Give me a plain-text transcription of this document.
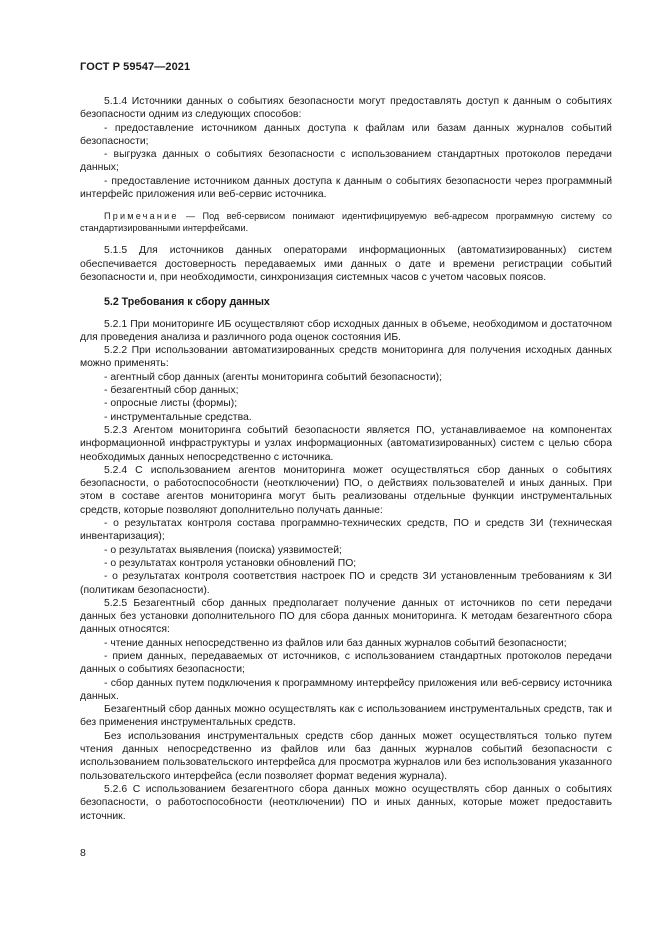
ГОСТ Р 59547—2021

5.1.4 Источники данных о событиях безопасности могут предоставлять доступ к данным о событиях безопасности одним из следующих способов:

- предоставление источником данных доступа к файлам или базам данных журналов событий безопасности;

- выгрузка данных о событиях безопасности с использованием стандартных протоколов передачи данных;

- предоставление источником данных доступа к данным о событиях безопасности через программный интерфейс приложения или веб-сервис источника.

Примечание — Под веб-сервисом понимают идентифицируемую веб-адресом программную систему со стандартизированными интерфейсами.

5.1.5 Для источников данных операторами информационных (автоматизированных) систем обеспечивается достоверность передаваемых ими данных о дате и времени регистрации событий безопасности и, при необходимости, синхронизация системных часов с учетом часовых поясов.

5.2 Требования к сбору данных

5.2.1 При мониторинге ИБ осуществляют сбор исходных данных в объеме, необходимом и достаточном для проведения анализа и различного рода оценок состояния ИБ.

5.2.2 При использовании автоматизированных средств мониторинга для получения исходных данных можно применять:

- агентный сбор данных (агенты мониторинга событий безопасности);

- безагентный сбор данных;

- опросные листы (формы);

- инструментальные средства.

5.2.3 Агентом мониторинга событий безопасности является ПО, устанавливаемое на компонентах информационной инфраструктуры и узлах информационных (автоматизированных) систем с целью сбора необходимых данных непосредственно с источника.

5.2.4 С использованием агентов мониторинга может осуществляться сбор данных о событиях безопасности, о работоспособности (неотключении) ПО, о действиях пользователей и иных данных. При этом в составе агентов мониторинга могут быть реализованы отдельные функции инструментальных средств, которые позволяют дополнительно получать данные:

- о результатах контроля состава программно-технических средств, ПО и средств ЗИ (техническая инвентаризация);

- о результатах выявления (поиска) уязвимостей;

- о результатах контроля установки обновлений ПО;

- о результатах контроля соответствия настроек ПО и средств ЗИ установленным требованиям к ЗИ (политикам безопасности).

5.2.5 Безагентный сбор данных предполагает получение данных от источников по сети передачи данных без установки дополнительного ПО для сбора данных мониторинга. К методам безагентного сбора данных относятся:

- чтение данных непосредственно из файлов или баз данных журналов событий безопасности;

- прием данных, передаваемых от источников, с использованием стандартных протоколов передачи данных о событиях безопасности;

- сбор данных путем подключения к программному интерфейсу приложения или веб-сервису источника данных.

Безагентный сбор данных можно осуществлять как с использованием инструментальных средств, так и без применения инструментальных средств.

Без использования инструментальных средств сбор данных может осуществляться только путем чтения данных непосредственно из файлов или баз данных журналов событий безопасности с использованием пользовательского интерфейса для просмотра журналов или без использования указанного пользовательского интерфейса (если позволяет формат ведения журнала).

5.2.6 С использованием безагентного сбора данных можно осуществлять сбор данных о событиях безопасности, о работоспособности (неотключении) ПО и иных данных, которые может предоставить источник.

8
